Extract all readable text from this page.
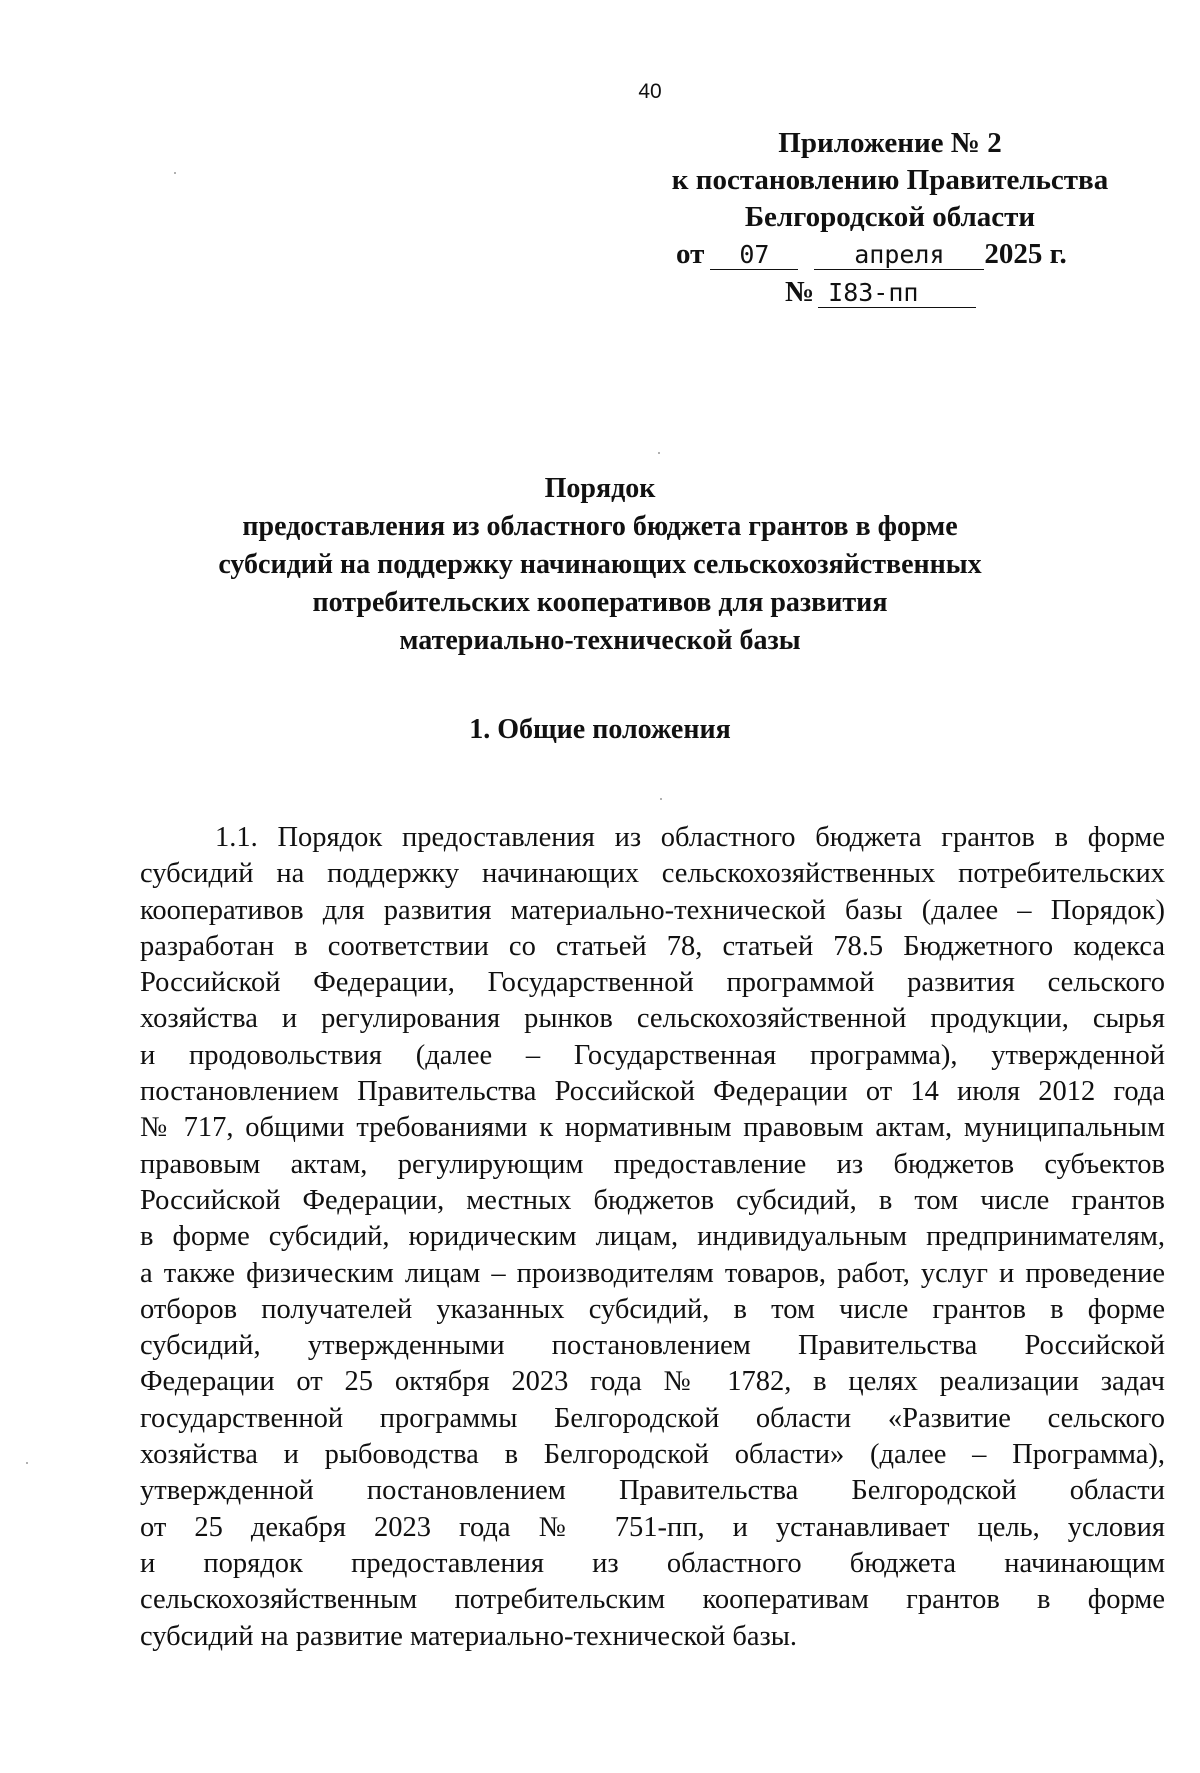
40
Приложение № 2
к постановлению Правительства
Белгородской области
от 07	апреля 2025 г.
№ I83-пп
Порядок
предоставления из областного бюджета грантов в форме
субсидий на поддержку начинающих сельскохозяйственных
потребительских кооперативов для развития
материально-технической базы
1. Общие положения
1.1. Порядок предоставления из областного бюджета грантов в форме
субсидий на поддержку начинающих сельскохозяйственных потребительских
кооперативов для развития материально-технической базы (далее – Порядок)
разработан в соответствии со статьей 78, статьей 78.5 Бюджетного кодекса
Российской Федерации, Государственной программой развития сельского
хозяйства и регулирования рынков сельскохозяйственной продукции, сырья
и продовольствия (далее – Государственная программа), утвержденной
постановлением Правительства Российской Федерации от 14 июля 2012 года
№ 717, общими требованиями к нормативным правовым актам, муниципальным
правовым актам, регулирующим предоставление из бюджетов субъектов
Российской Федерации, местных бюджетов субсидий, в том числе грантов
в форме субсидий, юридическим лицам, индивидуальным предпринимателям,
а также физическим лицам – производителям товаров, работ, услуг и проведение
отборов получателей указанных субсидий, в том числе грантов в форме
субсидий, утвержденными постановлением Правительства Российской
Федерации от 25 октября 2023 года № 1782, в целях реализации задач
государственной программы Белгородской области «Развитие сельского
хозяйства и рыбоводства в Белгородской области» (далее – Программа),
утвержденной постановлением Правительства Белгородской области
от 25 декабря 2023 года № 751-пп, и устанавливает цель, условия
и порядок предоставления из областного бюджета начинающим
сельскохозяйственным потребительским кооперативам грантов в форме
субсидий на развитие материально-технической базы.
